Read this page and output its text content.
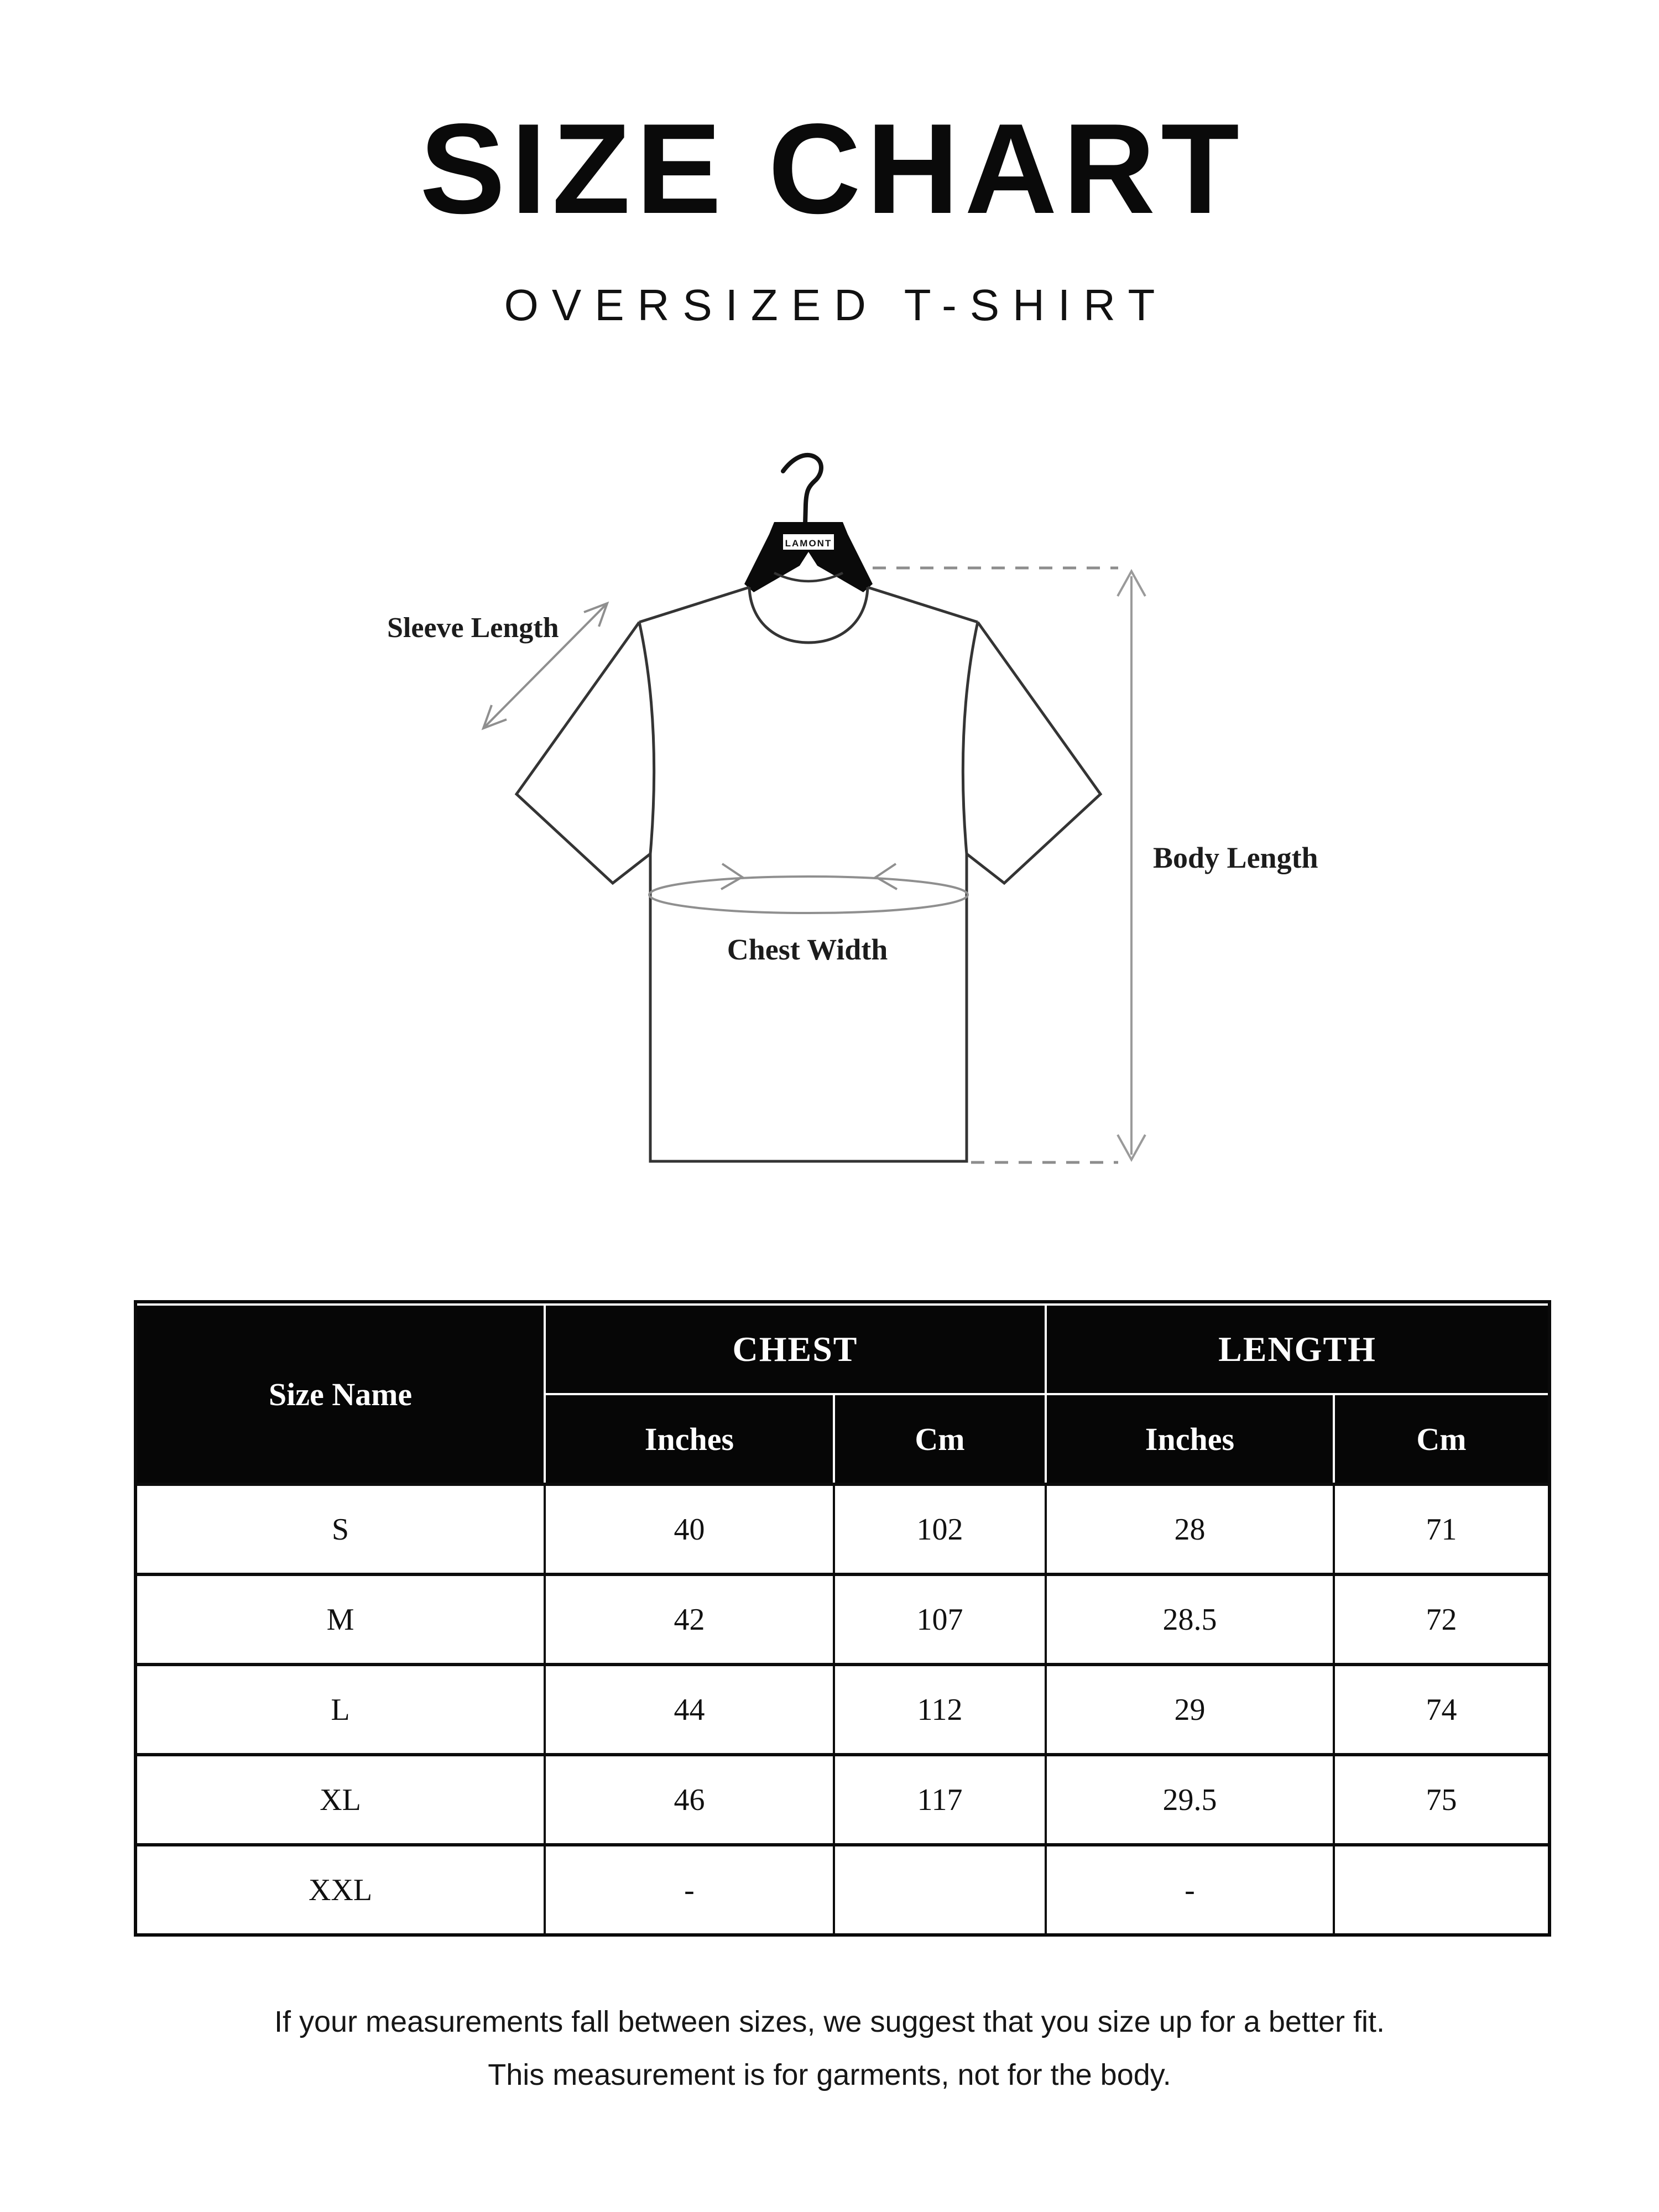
SIZE CHART
OVERSIZED T-SHIRT
LAMONT
Sleeve Length
Body Length
Chest Width
Size Name	CHEST		LENGTH	
	Inches	Cm	Inches	Cm
S	40	102	28	71
M	42	107	28.5	72
L	44	112	29	74
XL	46	117	29.5	75
XXL	-		-	
If your measurements fall between sizes, we suggest that you size up for a better fit.
This measurement is for garments, not for the body.
